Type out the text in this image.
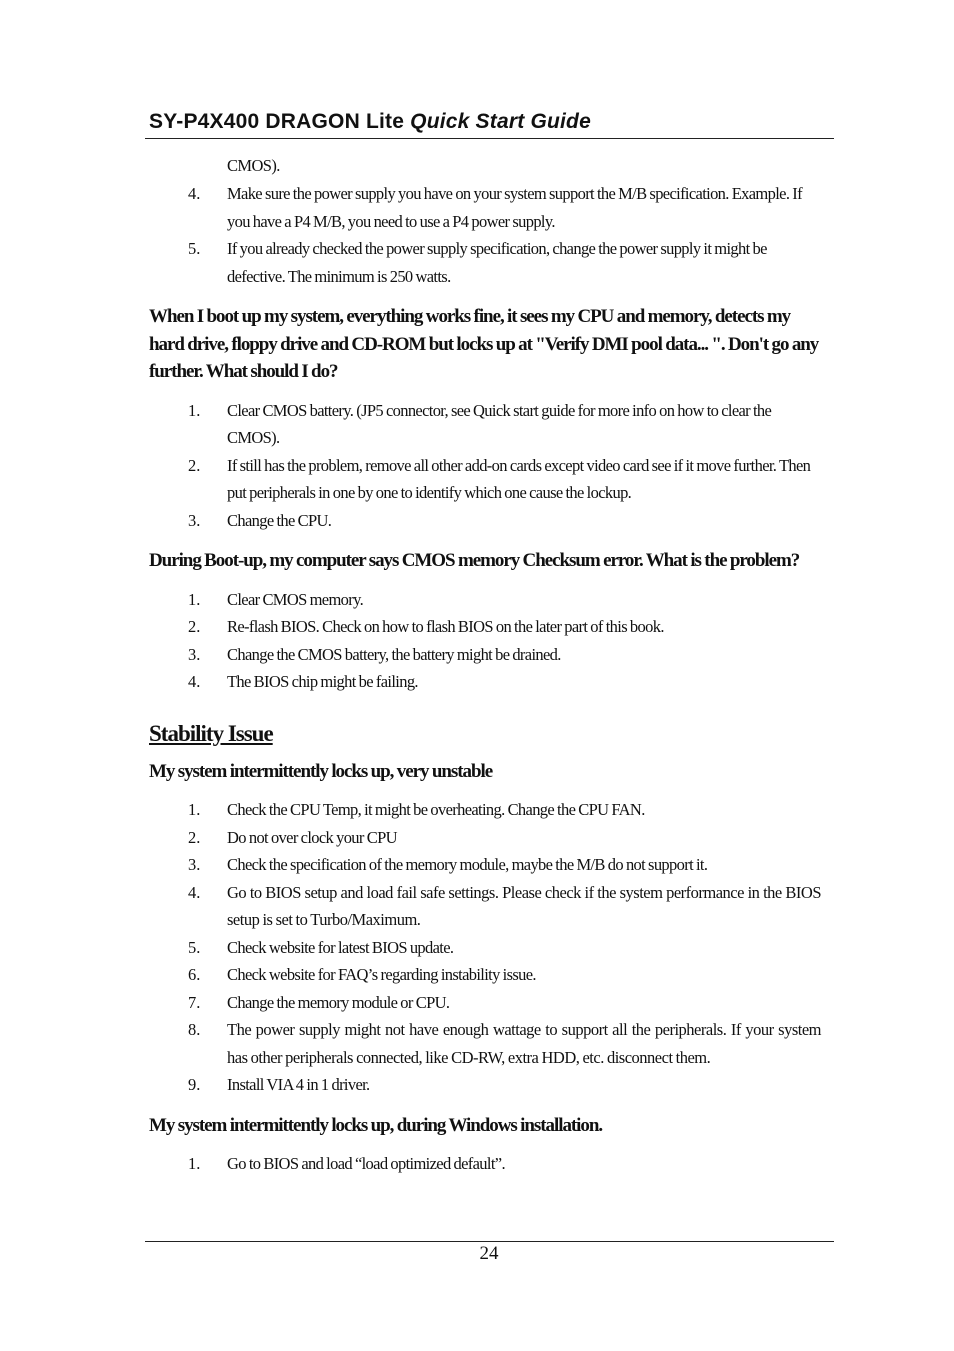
SY-P4X400 DRAGON Lite Quick Start Guide
CMOS).
4. Make sure the power supply you have on your system support the M/B specification. Example. If you have a P4 M/B, you need to use a P4 power supply.
5. If you already checked the power supply specification, change the power supply it might be defective. The minimum is 250 watts.

When I boot up my system, everything works fine, it sees my CPU and memory, detects my hard drive, floppy drive and CD-ROM but locks up at "Verify DMI pool data... ". Don't go any further. What should I do?

1. Clear CMOS battery. (JP5 connector, see Quick start guide for more info on how to clear the CMOS).
2. If still has the problem, remove all other add-on cards except video card see if it move further. Then put peripherals in one by one to identify which one cause the lockup.
3. Change the CPU.

During Boot-up, my computer says CMOS memory Checksum error. What is the problem?

1. Clear CMOS memory.
2. Re-flash BIOS. Check on how to flash BIOS on the later part of this book.
3. Change the CMOS battery, the battery might be drained.
4. The BIOS chip might be failing.
Stability Issue

My system intermittently locks up, very unstable

1. Check the CPU Temp, it might be overheating. Change the CPU FAN.
2. Do not over clock your CPU
3. Check the specification of the memory module, maybe the M/B do not support it.
4. Go to BIOS setup and load fail safe settings. Please check if the system performance in the BIOS setup is set to Turbo/Maximum.
5. Check website for latest BIOS update.
6. Check website for FAQ’s regarding instability issue.
7. Change the memory module or CPU.
8. The power supply might not have enough wattage to support all the peripherals. If your system has other peripherals connected, like CD-RW, extra HDD, etc. disconnect them.
9. Install VIA 4 in 1 driver.

My system intermittently locks up, during Windows installation.

1. Go to BIOS and load “load optimized default”.
24
